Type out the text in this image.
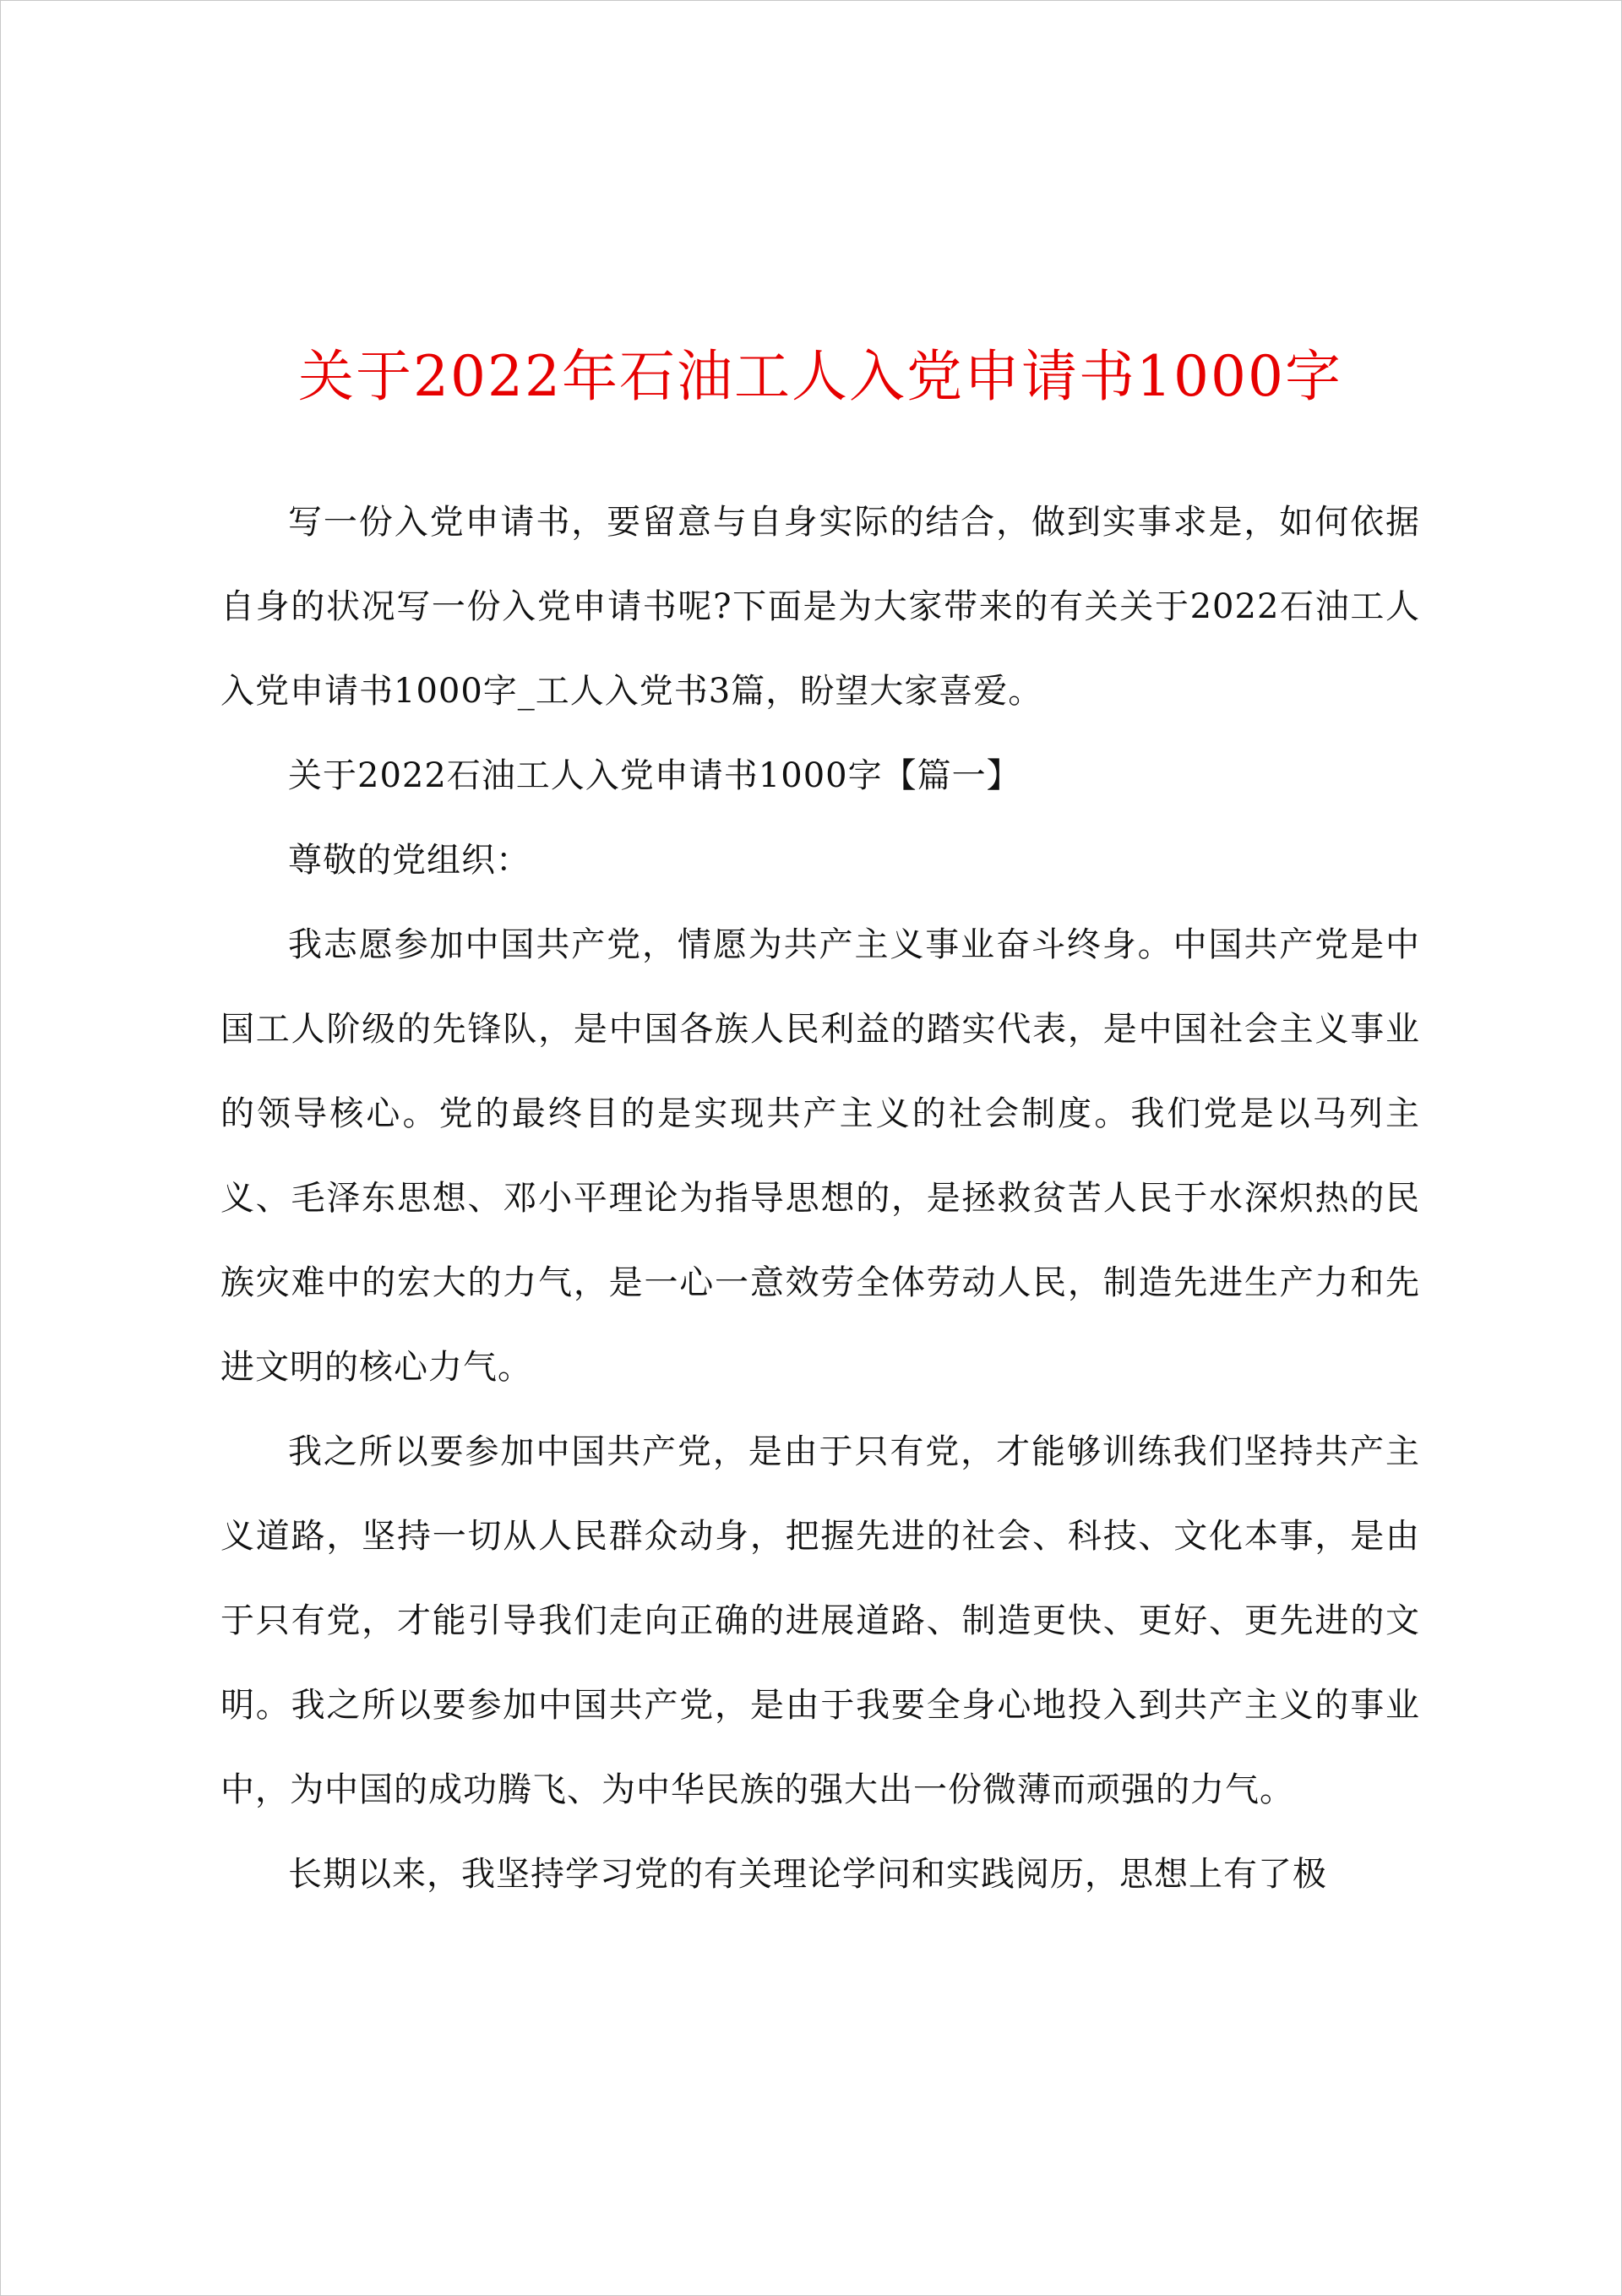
关于2022年石油工人入党申请书1000字

写一份入党申请书，要留意与自身实际的结合，做到实事求是，如何依据自身的状况写一份入党申请书呢?下面是为大家带来的有关关于2022石油工人入党申请书1000字_工人入党书3篇，盼望大家喜爱。

关于2022石油工人入党申请书1000字【篇一】

尊敬的党组织：

我志愿参加中国共产党，情愿为共产主义事业奋斗终身。中国共产党是中国工人阶级的先锋队，是中国各族人民利益的踏实代表，是中国社会主义事业的领导核心。党的最终目的是实现共产主义的社会制度。我们党是以马列主义、毛泽东思想、邓小平理论为指导思想的，是拯救贫苦人民于水深炽热的民族灾难中的宏大的力气，是一心一意效劳全体劳动人民，制造先进生产力和先进文明的核心力气。

我之所以要参加中国共产党，是由于只有党，才能够训练我们坚持共产主义道路，坚持一切从人民群众动身，把握先进的社会、科技、文化本事，是由于只有党，才能引导我们走向正确的进展道路、制造更快、更好、更先进的文明。我之所以要参加中国共产党，是由于我要全身心地投入到共产主义的事业中，为中国的成功腾飞、为中华民族的强大出一份微薄而顽强的力气。

长期以来，我坚持学习党的有关理论学问和实践阅历，思想上有了极
